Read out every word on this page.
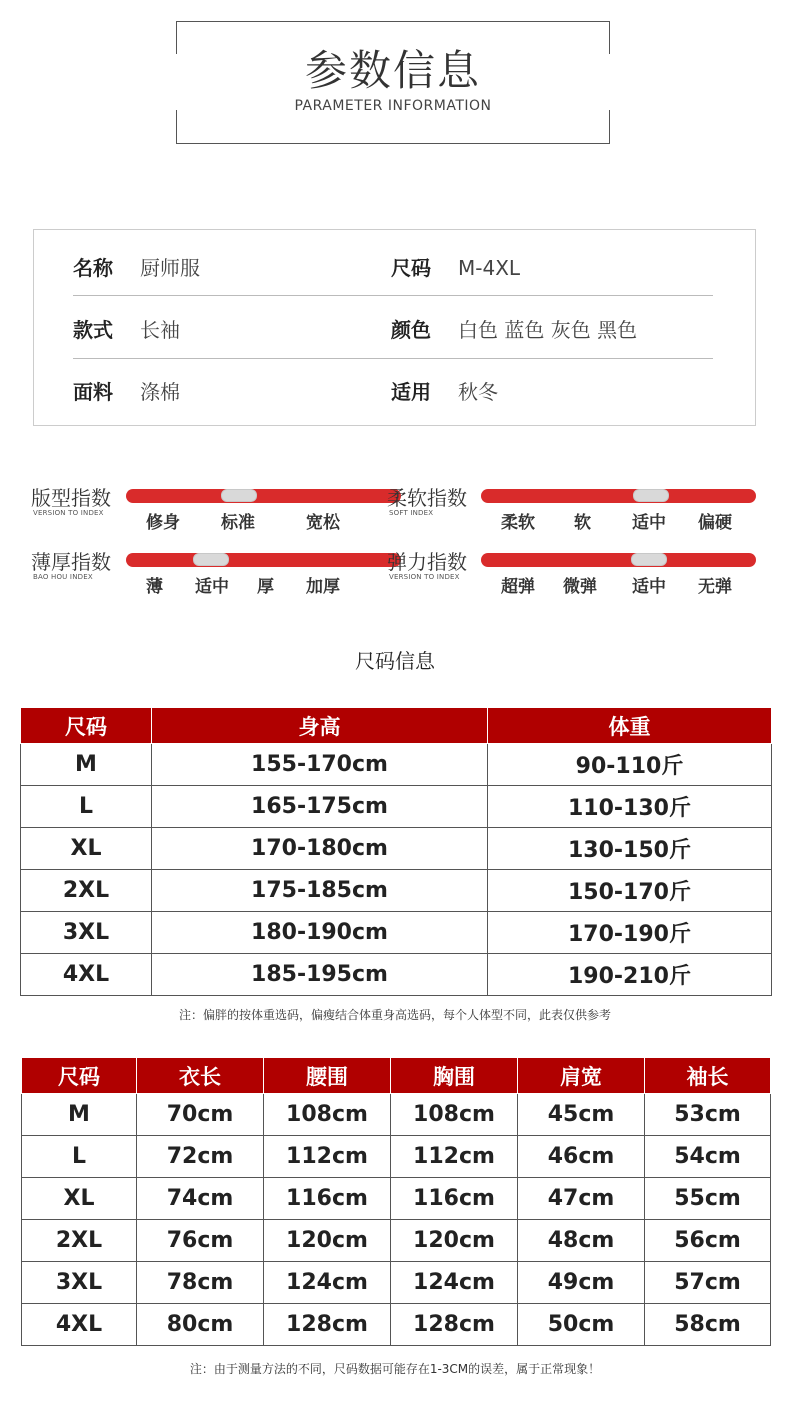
参数信息
PARAMETER INFORMATION
名称 厨师服	尺码 M-4XL
款式 长袖	颜色 白色 蓝色 灰色 黑色
面料 涤棉	适用 秋冬
版型指数
VERSION TO INDEX 修身 标准	宽松
柔软指数
SOFT INDEX	柔软 软 适中 偏硬
薄厚指数
BAO HOU INDEX	薄 适中 厚 加厚
弹力指数
VERSION TO INDEX 超弹 微弹 适中 无弹
尺码信息
尺码	身高	体重
M	155-170cm	90-110斤
L	165-175cm	110-130斤
XL	170-180cm	130-150斤
2XL	175-185cm	150-170斤
3XL	180-190cm	170-190斤
4XL	185-195cm	190-210斤
注：偏胖的按体重选码，偏瘦结合体重身高选码，每个人体型不同，此表仅供参考
尺码	衣长	腰围	胸围	肩宽	袖长
M	70cm	108cm	108cm	45cm	53cm
L	72cm	112cm	112cm	46cm	54cm
XL	74cm	116cm	116cm	47cm	55cm
2XL	76cm	120cm	120cm	48cm	56cm
3XL	78cm	124cm	124cm	49cm	57cm
4XL	80cm	128cm	128cm	50cm	58cm
注：由于测量方法的不同，尺码数据可能存在1-3CM的误差，属于正常现象！
